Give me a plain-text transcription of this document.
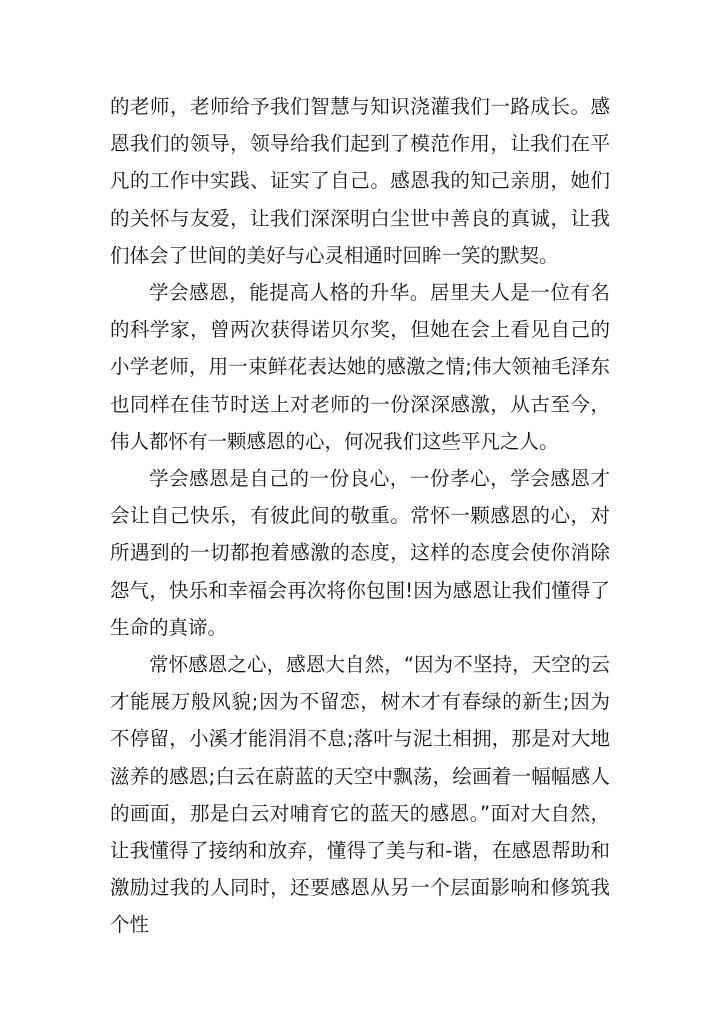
的老师，老师给予我们智慧与知识浇灌我们一路成长。感恩我们的领导，领导给我们起到了模范作用，让我们在平凡的工作中实践、证实了自己。感恩我的知己亲朋，她们的关怀与友爱，让我们深深明白尘世中善良的真诚，让我们体会了世间的美好与心灵相通时回眸一笑的默契。

学会感恩，能提高人格的升华。居里夫人是一位有名的科学家，曾两次获得诺贝尔奖，但她在会上看见自己的小学老师，用一束鲜花表达她的感激之情;伟大领袖毛泽东也同样在佳节时送上对老师的一份深深感激，从古至今，伟人都怀有一颗感恩的心，何况我们这些平凡之人。

学会感恩是自己的一份良心，一份孝心，学会感恩才会让自己快乐，有彼此间的敬重。常怀一颗感恩的心，对所遇到的一切都抱着感激的态度，这样的态度会使你消除怨气，快乐和幸福会再次将你包围!因为感恩让我们懂得了生命的真谛。

常怀感恩之心，感恩大自然，“因为不坚持，天空的云才能展万般风貌;因为不留恋，树木才有春绿的新生;因为不停留，小溪才能涓涓不息;落叶与泥土相拥，那是对大地滋养的感恩;白云在蔚蓝的天空中飘荡，绘画着一幅幅感人的画面，那是白云对哺育它的蓝天的感恩。”面对大自然，让我懂得了接纳和放弃，懂得了美与和-谐，在感恩帮助和激励过我的人同时，还要感恩从另一个层面影响和修筑我个性
